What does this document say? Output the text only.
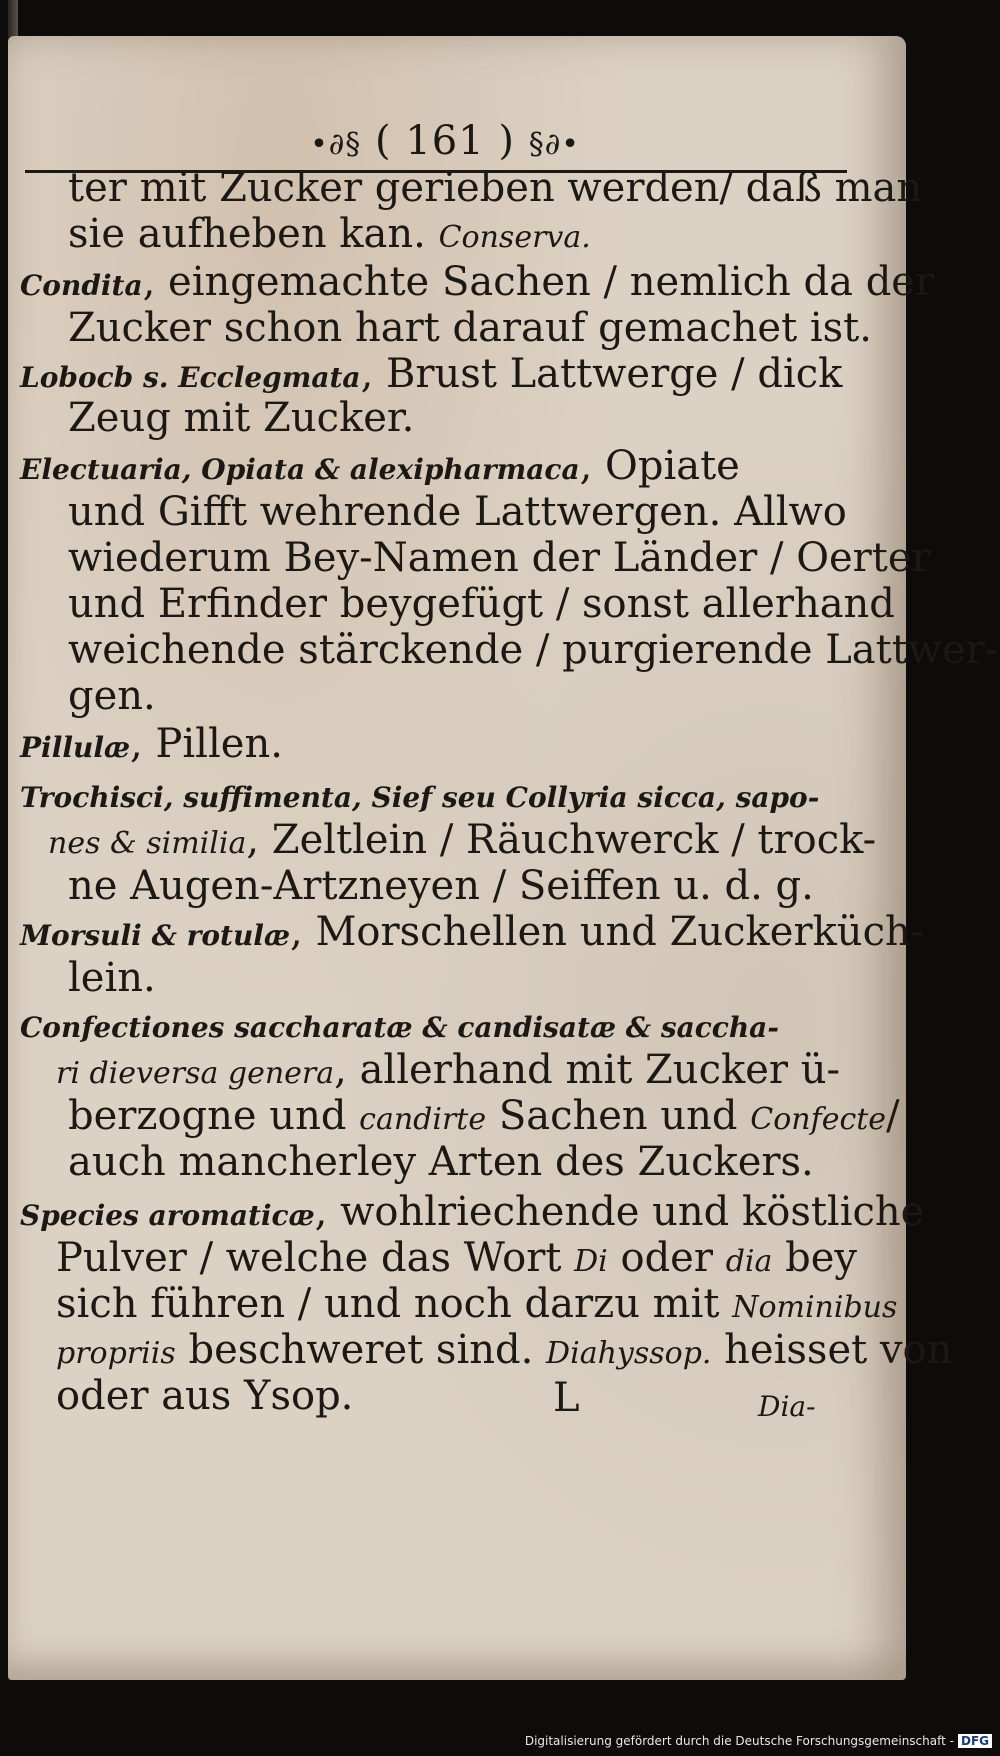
•∂§ ( 161 ) §∂•
ter mit Zucker gerieben werden/ daß man
sie aufheben kan. Conserva.
Condita, eingemachte Sachen / nemlich da der
Zucker schon hart darauf gemachet ist.
Lobocb s. Ecclegmata, Brust Lattwerge / dick
Zeug mit Zucker.
Electuaria, Opiata & alexipharmaca, Opiate
und Gifft wehrende Lattwergen. Allwo
wiederum Bey-Namen der Länder / Oerter
und Erfinder beygefügt / sonst allerhand
weichende stärckende / purgierende Lattwer-
gen.
Pillulæ, Pillen.
Trochisci, suffimenta, Sief seu Collyria sicca, sapo-
nes & similia, Zeltlein / Räuchwerck / trock-
ne Augen-Artzneyen / Seiffen u. d. g.
Morsuli & rotulæ, Morschellen und Zuckerküch-
lein.
Confectiones saccharatæ & candisatæ & saccha-
ri dieversa genera, allerhand mit Zucker ü-
berzogne und candirte Sachen und Confecte/
auch mancherley Arten des Zuckers.
Species aromaticæ, wohlriechende und köstliche
Pulver / welche das Wort Di oder dia bey
sich führen / und noch darzu mit Nominibus
propriis beschweret sind. Diahyssop. heisset von
oder aus Ysop.	L	Dia-
Digitalisierung gefördert durch die Deutsche Forschungsgemeinschaft - DFG
